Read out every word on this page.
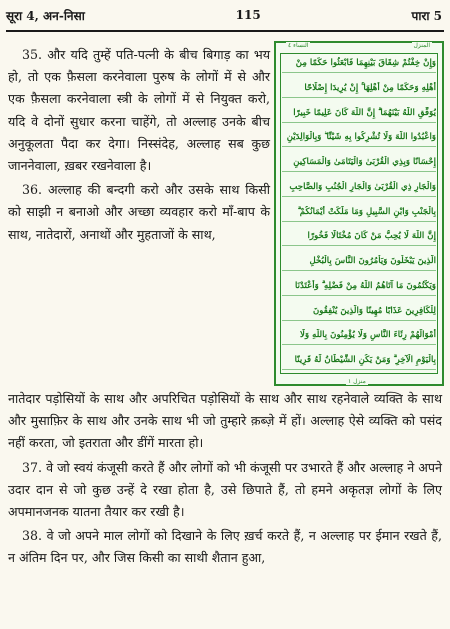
सूरा 4, अन-निसा	115	पारा 5

35. और यदि तुम्हें पति-पत्नी के बीच बिगाड़ का भय हो, तो एक फ़ैसला करनेवाला पुरुष के लोगों में से और एक फ़ैसला करनेवाला स्त्री के लोगों में से नियुक्त करो, यदि वे दोनों सुधार करना चाहेंगे, तो अल्लाह उनके बीच अनुकूलता पैदा कर देगा। निस्संदेह, अल्लाह सब कुछ जाननेवाला, ख़बर रखनेवाला है।

36. अल्लाह की बन्दगी करो और उसके साथ किसी को साझी न बनाओ और अच्छा व्यवहार करो माँ-बाप के साथ, नातेदारों, अनाथों और मुहताजों के साथ,

النساء ٤	المنزل
منزل ١
وَإِنْ خِفْتُمْ شِقَاقَ بَيْنِهِمَا فَابْعَثُوا حَكَمًا مِنْ
أَهْلِهِ وَحَكَمًا مِنْ أَهْلِهَا ۚ إِنْ يُرِيدَا إِصْلَاحًا
يُوَفِّقِ اللَّهُ بَيْنَهُمَا ۗ إِنَّ اللَّهَ كَانَ عَلِيمًا خَبِيرًا
وَاعْبُدُوا اللَّهَ وَلَا تُشْرِكُوا بِهِ شَيْئًا ۖ وَبِالْوَالِدَيْنِ
إِحْسَانًا وَبِذِي الْقُرْبَىٰ وَالْيَتَامَىٰ وَالْمَسَاكِينِ
وَالْجَارِ ذِي الْقُرْبَىٰ وَالْجَارِ الْجُنُبِ وَالصَّاحِبِ
بِالْجَنْبِ وَابْنِ السَّبِيلِ وَمَا مَلَكَتْ أَيْمَانُكُمْ ۗ
إِنَّ اللَّهَ لَا يُحِبُّ مَنْ كَانَ مُخْتَالًا فَخُورًا
الَّذِينَ يَبْخَلُونَ وَيَأْمُرُونَ النَّاسَ بِالْبُخْلِ
وَيَكْتُمُونَ مَا آتَاهُمُ اللَّهُ مِنْ فَضْلِهِ ۗ وَأَعْتَدْنَا
لِلْكَافِرِينَ عَذَابًا مُهِينًا وَالَّذِينَ يُنْفِقُونَ
أَمْوَالَهُمْ رِئَاءَ النَّاسِ وَلَا يُؤْمِنُونَ بِاللَّهِ وَلَا
بِالْيَوْمِ الْآخِرِ ۗ وَمَنْ يَكُنِ الشَّيْطَانُ لَهُ قَرِينًا

नातेदार पड़ोसियों के साथ और अपरिचित पड़ोसियों के साथ और साथ रहनेवाले व्यक्ति के साथ और मुसाफ़िर के साथ और उनके साथ भी जो तुम्हारे क़ब्ज़े में हों। अल्लाह ऐसे व्यक्ति को पसंद नहीं करता, जो इतराता और डींगें मारता हो।

37. वे जो स्वयं कंजूसी करते हैं और लोगों को भी कंजूसी पर उभारते हैं और अल्लाह ने अपने उदार दान से जो कुछ उन्हें दे रखा होता है, उसे छिपाते हैं, तो हमने अकृतज्ञ लोगों के लिए अपमानजनक यातना तैयार कर रखी है।

38. वे जो अपने माल लोगों को दिखाने के लिए ख़र्च करते हैं, न अल्लाह पर ईमान रखते हैं, न अंतिम दिन पर, और जिस किसी का साथी शैतान हुआ,
